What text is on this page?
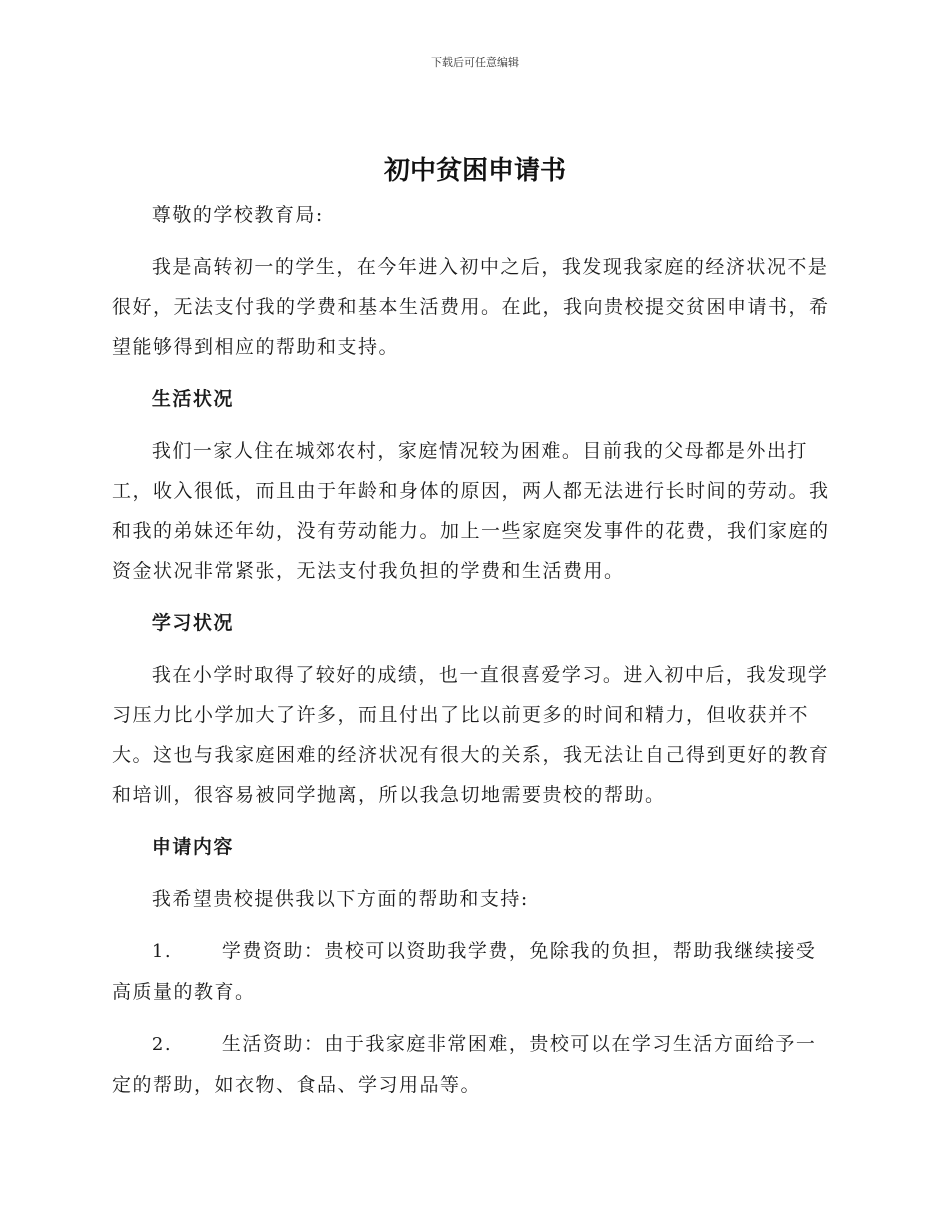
下载后可任意编辑
初中贫困申请书

尊敬的学校教育局:

我是高转初一的学生，在今年进入初中之后，我发现我家庭的经济状况不是很好，无法支付我的学费和基本生活费用。在此，我向贵校提交贫困申请书，希望能够得到相应的帮助和支持。

生活状况

我们一家人住在城郊农村，家庭情况较为困难。目前我的父母都是外出打工，收入很低，而且由于年龄和身体的原因，两人都无法进行长时间的劳动。我和我的弟妹还年幼，没有劳动能力。加上一些家庭突发事件的花费，我们家庭的资金状况非常紧张，无法支付我负担的学费和生活费用。

学习状况

我在小学时取得了较好的成绩，也一直很喜爱学习。进入初中后，我发现学习压力比小学加大了许多，而且付出了比以前更多的时间和精力，但收获并不大。这也与我家庭困难的经济状况有很大的关系，我无法让自己得到更好的教育和培训，很容易被同学抛离，所以我急切地需要贵校的帮助。

申请内容

我希望贵校提供我以下方面的帮助和支持:

1.	学费资助：贵校可以资助我学费，免除我的负担，帮助我继续接受高质量的教育。

2.	生活资助：由于我家庭非常困难，贵校可以在学习生活方面给予一定的帮助，如衣物、食品、学习用品等。
